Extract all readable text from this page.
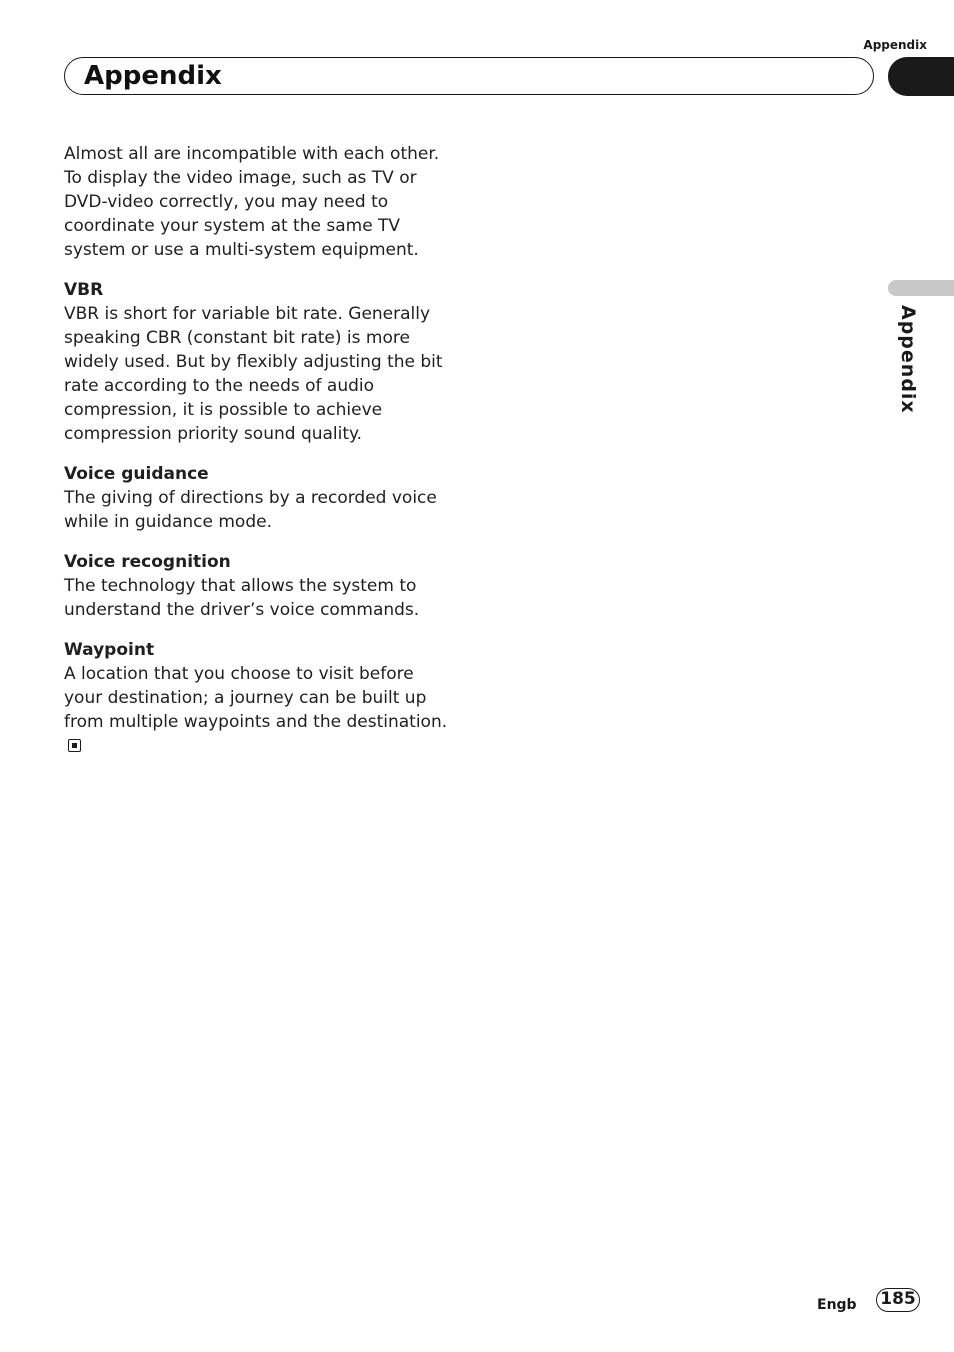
Appendix
Appendix
Appendix

Almost all are incompatible with each other. To display the video image, such as TV or DVD-video correctly, you may need to coordinate your system at the same TV system or use a multi-system equipment.

VBR

VBR is short for variable bit rate. Generally speaking CBR (constant bit rate) is more widely used. But by flexibly adjusting the bit rate according to the needs of audio compression, it is possible to achieve compression priority sound quality.

Voice guidance

The giving of directions by a recorded voice while in guidance mode.

Voice recognition

The technology that allows the system to understand the driver’s voice commands.

Waypoint

A location that you choose to visit before your destination; a journey can be built up from multiple waypoints and the destination.

Engb 185
